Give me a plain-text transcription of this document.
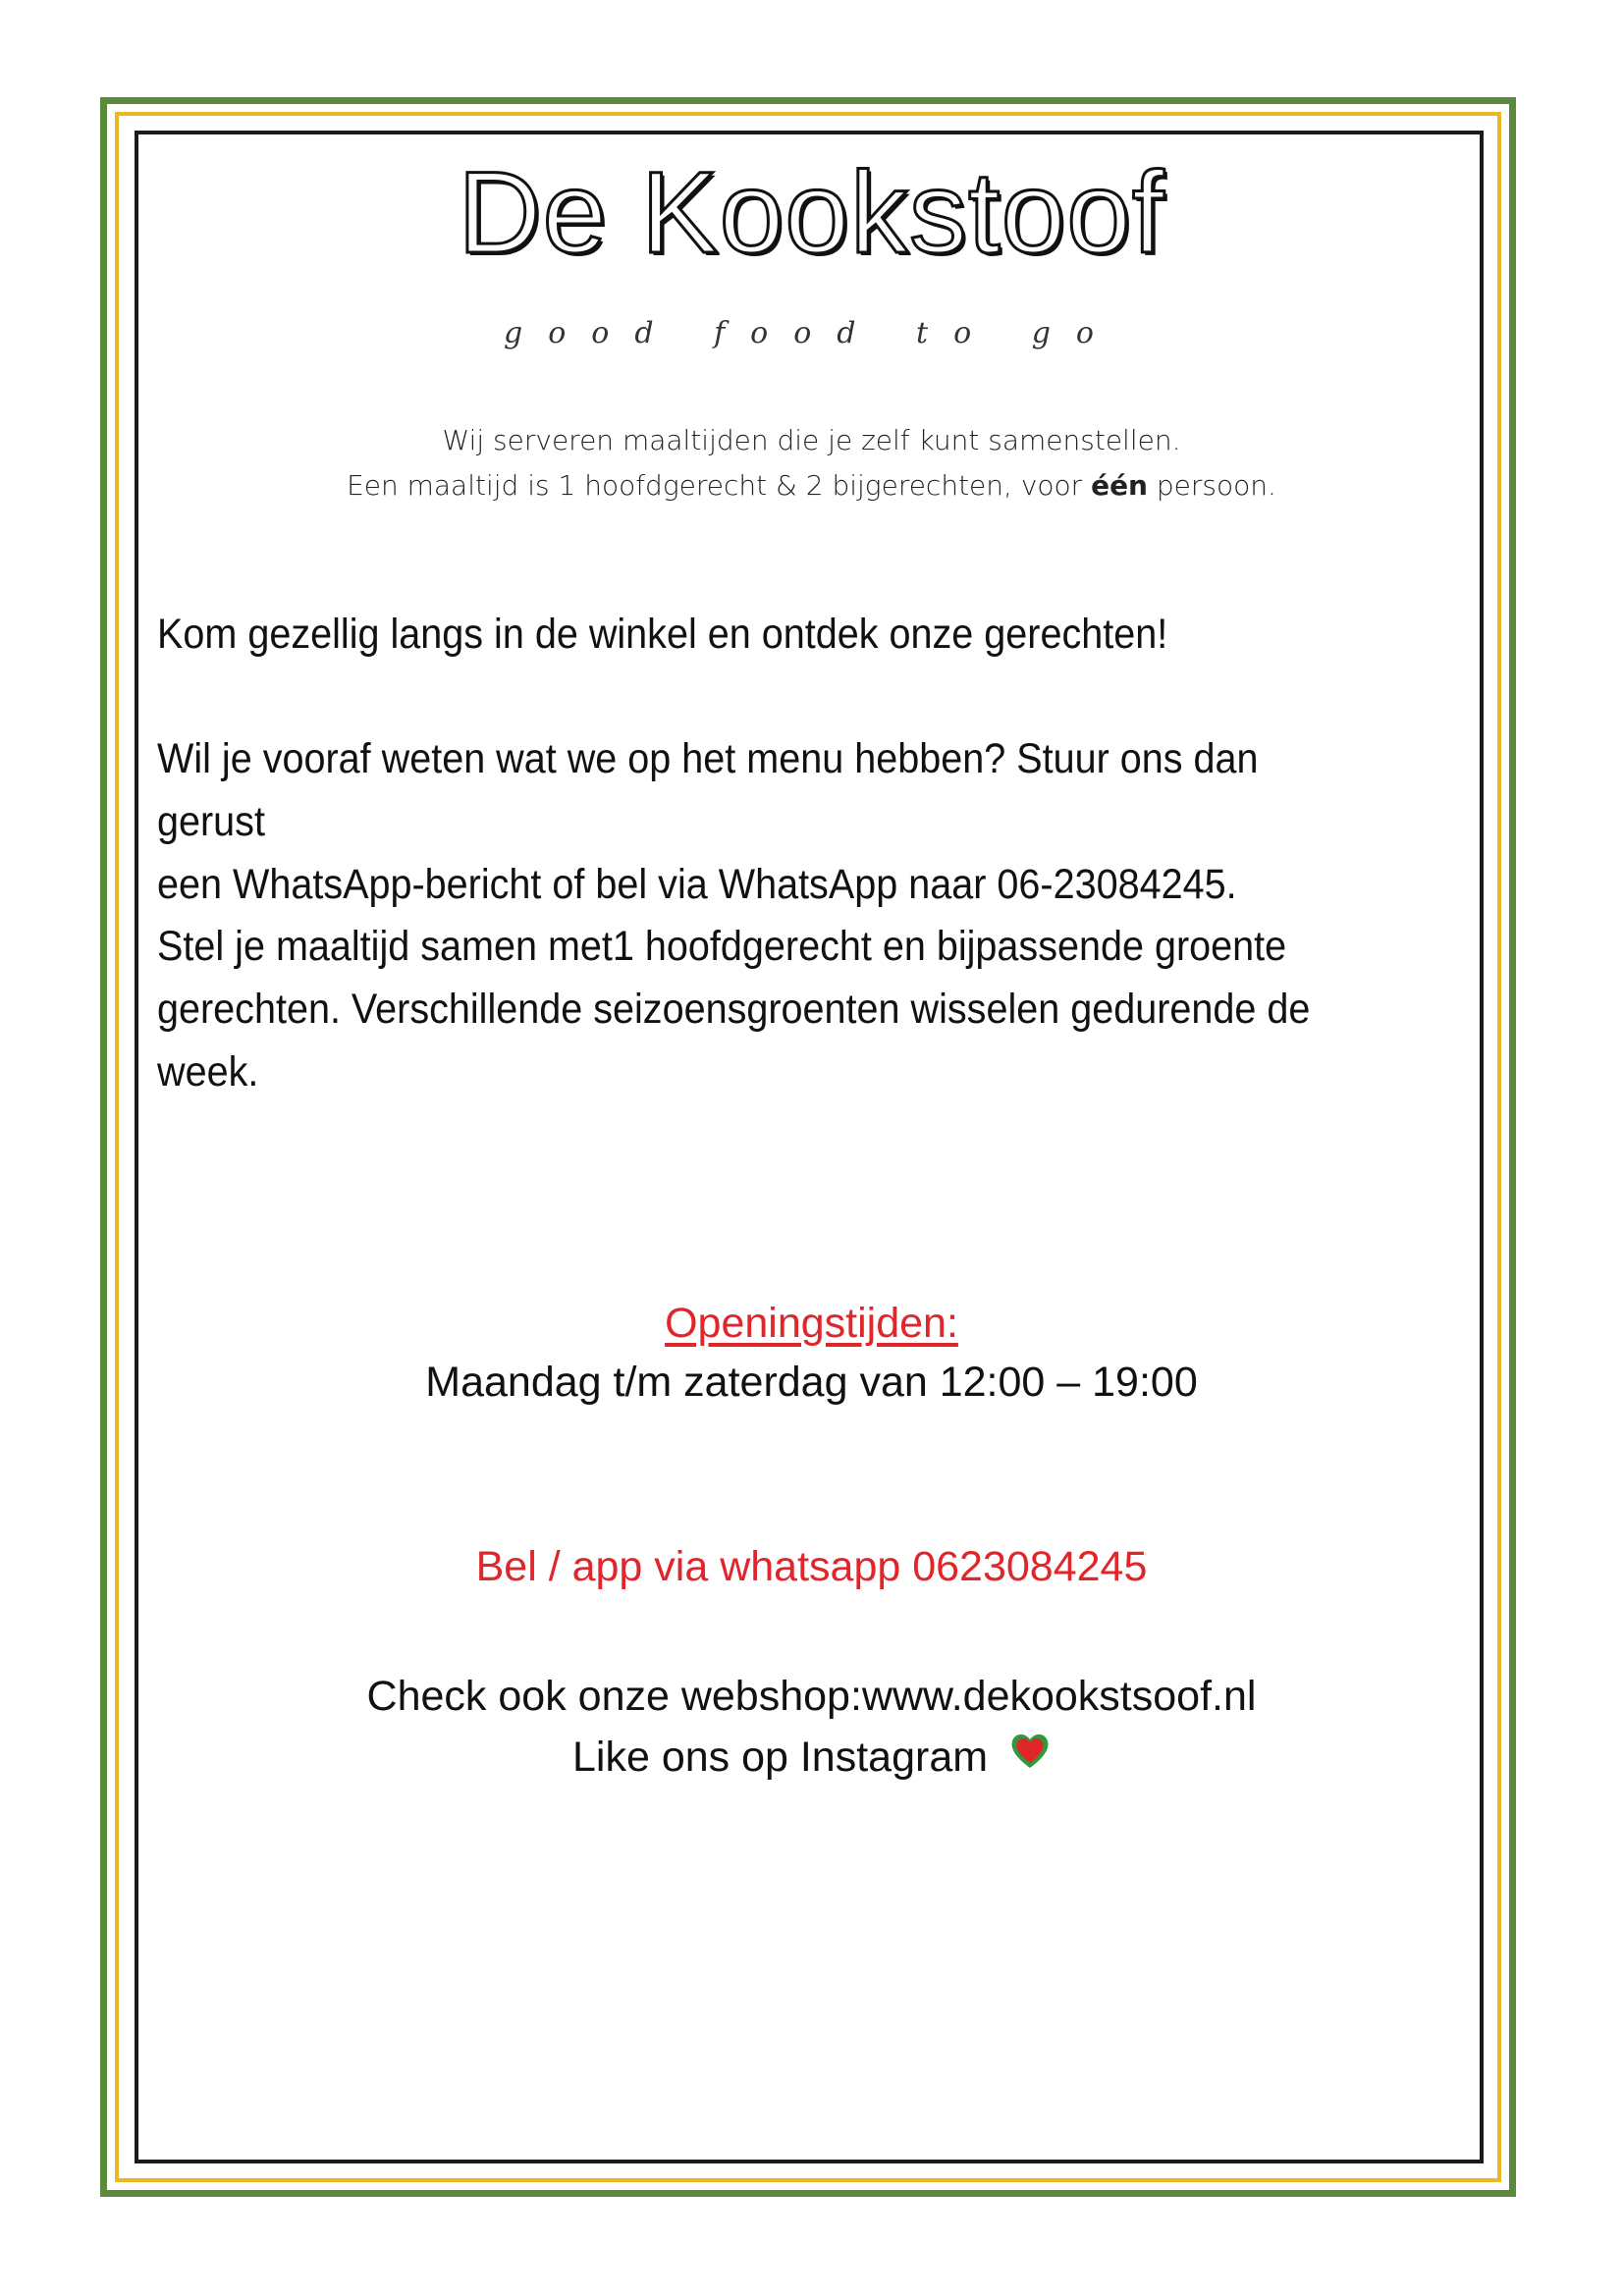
De Kookstoof
good food to go
Wij serveren maaltijden die je zelf kunt samenstellen.
Een maaltijd is 1 hoofdgerecht & 2 bijgerechten, voor één persoon.
Kom gezellig langs in de winkel en ontdek onze gerechten!
Wil je vooraf weten wat we op het menu hebben? Stuur ons dan gerust
een WhatsApp-bericht of bel via WhatsApp naar 06-23084245.
Stel je maaltijd samen met1 hoofdgerecht en bijpassende groente
gerechten. Verschillende seizoensgroenten wisselen gedurende de week.
Openingstijden:
Maandag t/m zaterdag van 12:00 – 19:00
Bel / app via whatsapp 0623084245
Check ook onze webshop:www.dekookstsoof.nl
Like ons op Instagram
